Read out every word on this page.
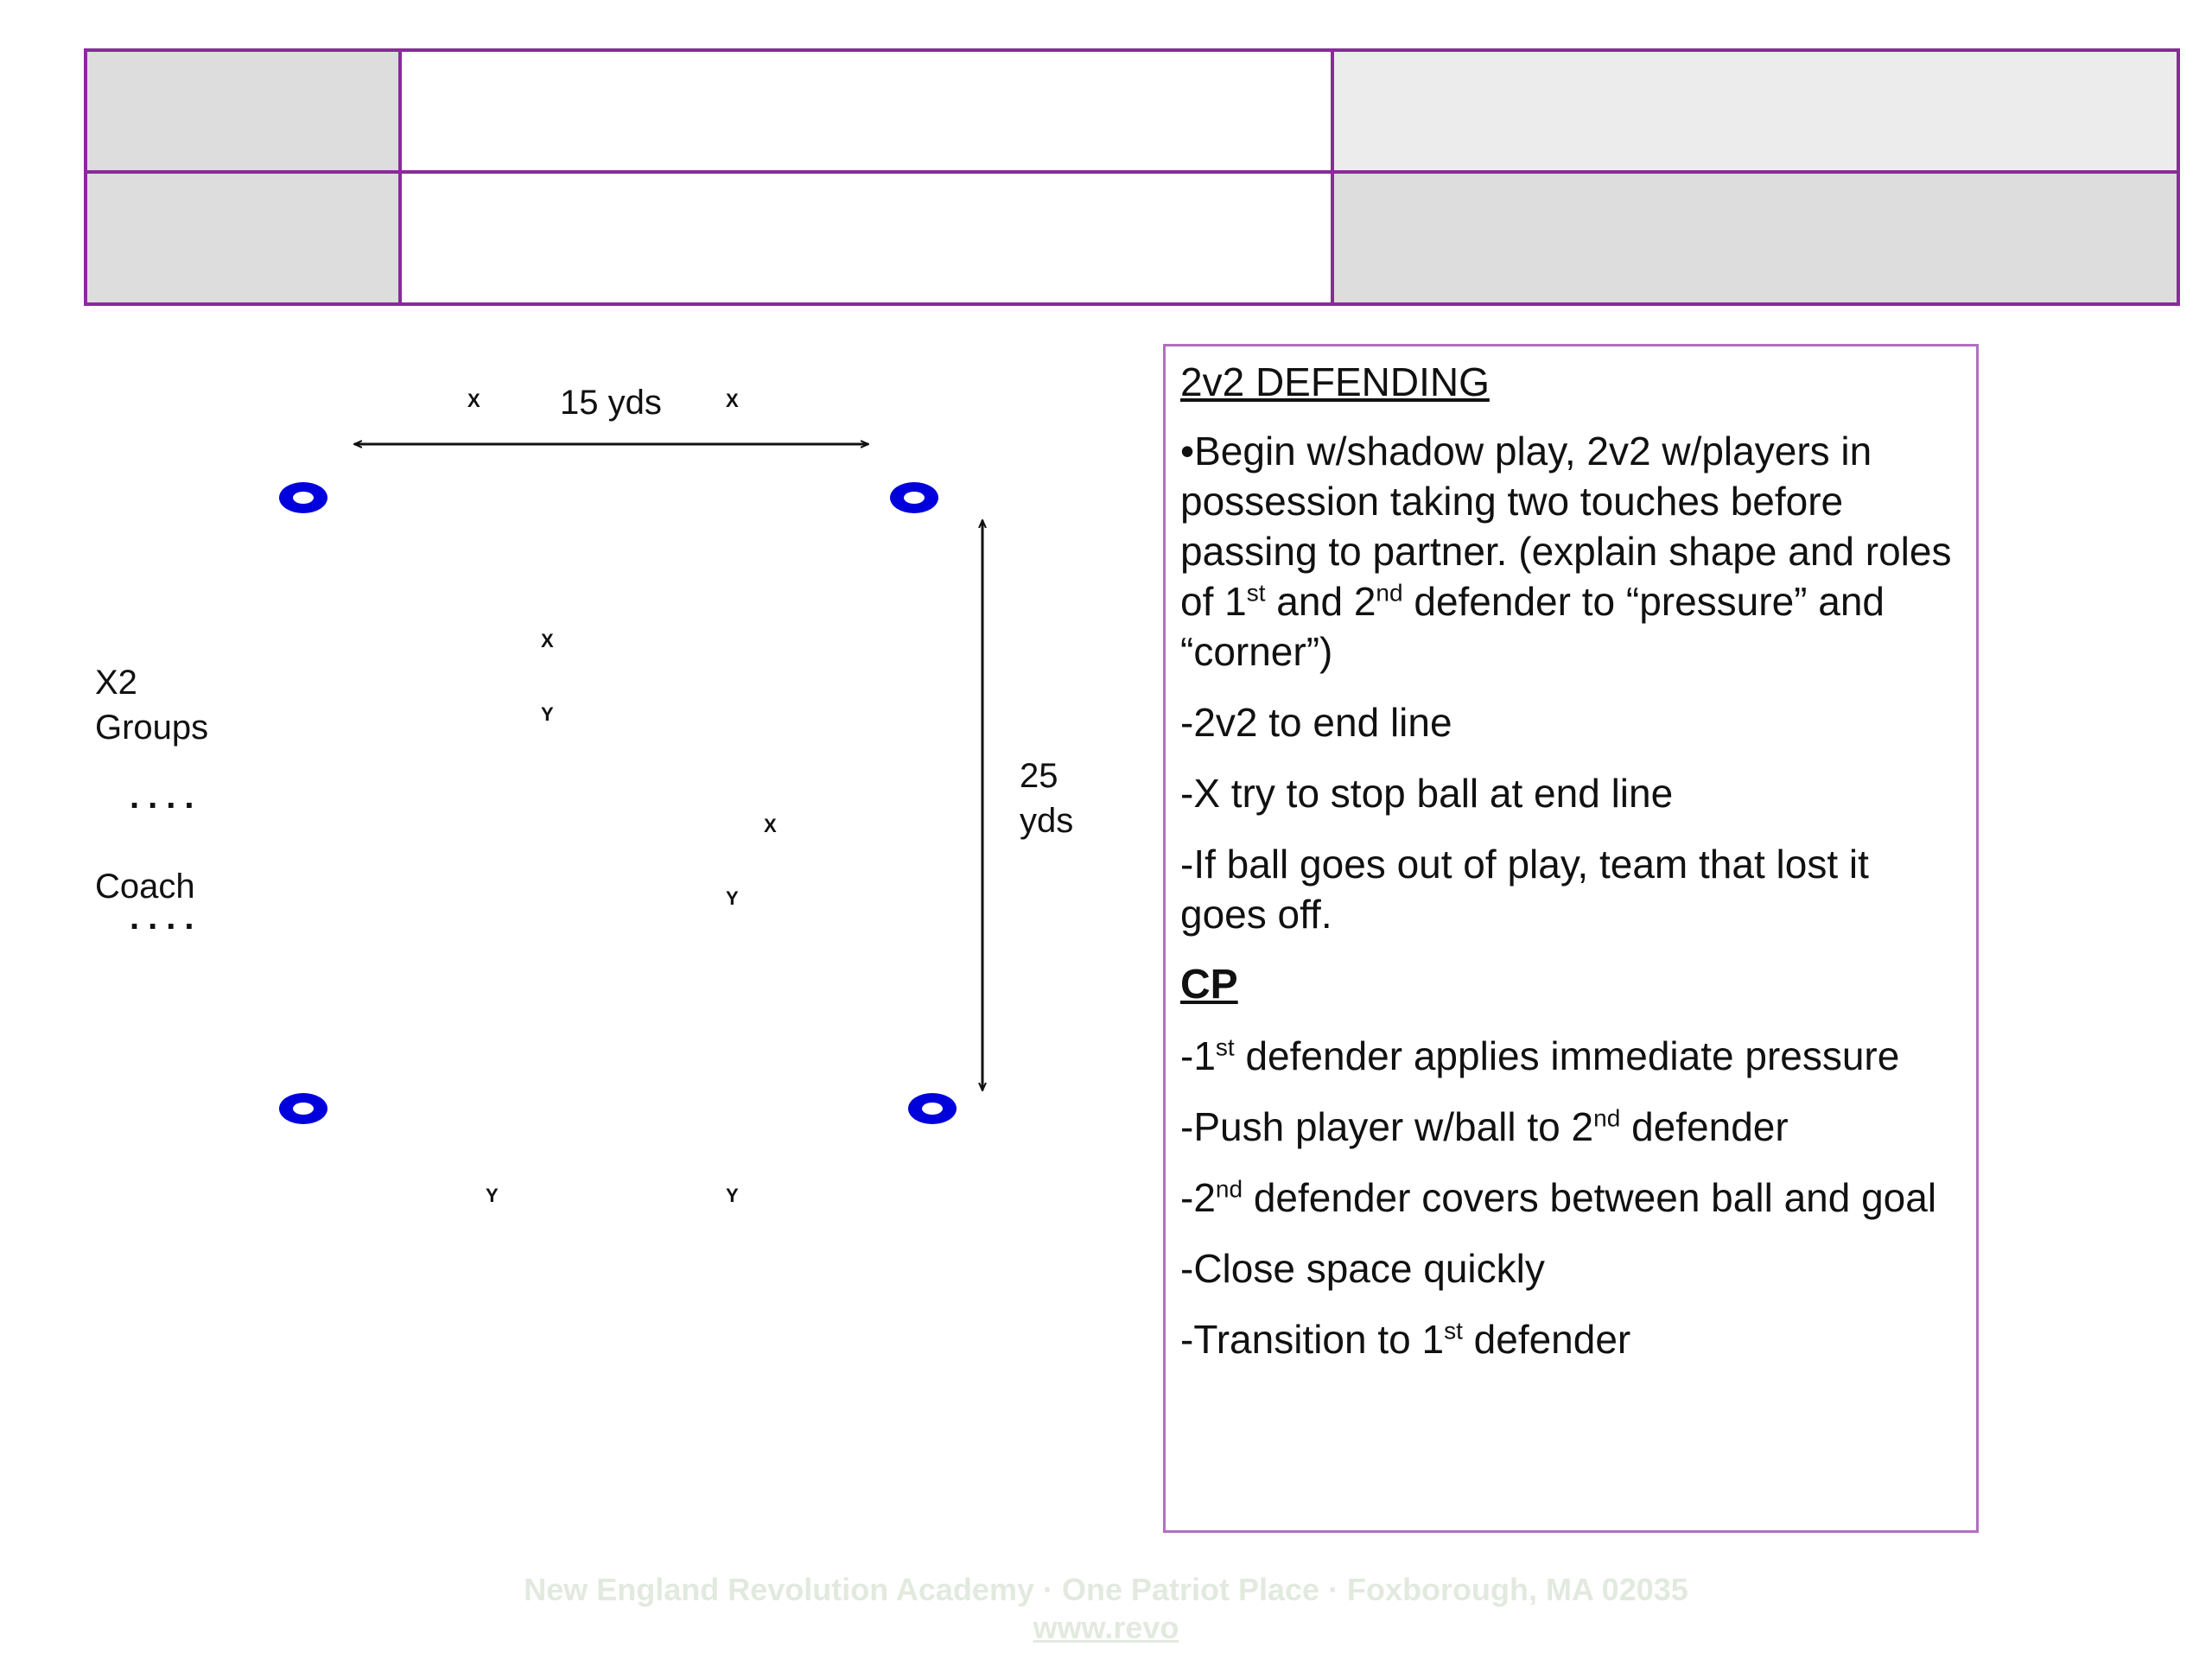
15 yds
25
yds
X2
Groups
....
Coach
....
X	X
X
Y
X
Y
Y	Y

2v2 DEFENDING

•Begin w/shadow play, 2v2 w/players in possession taking two touches before passing to partner. (explain shape and roles of 1st and 2nd defender to “pressure” and “corner”)

-2v2 to end line

-X try to stop ball at end line

-If ball goes out of play, team that lost it goes off.

CP

-1st defender applies immediate pressure

-Push player w/ball to 2nd defender

-2nd defender covers between ball and goal

-Close space quickly

-Transition to 1st defender

New England Revolution Academy · One Patriot Place · Foxborough, MA 02035
www.revo
